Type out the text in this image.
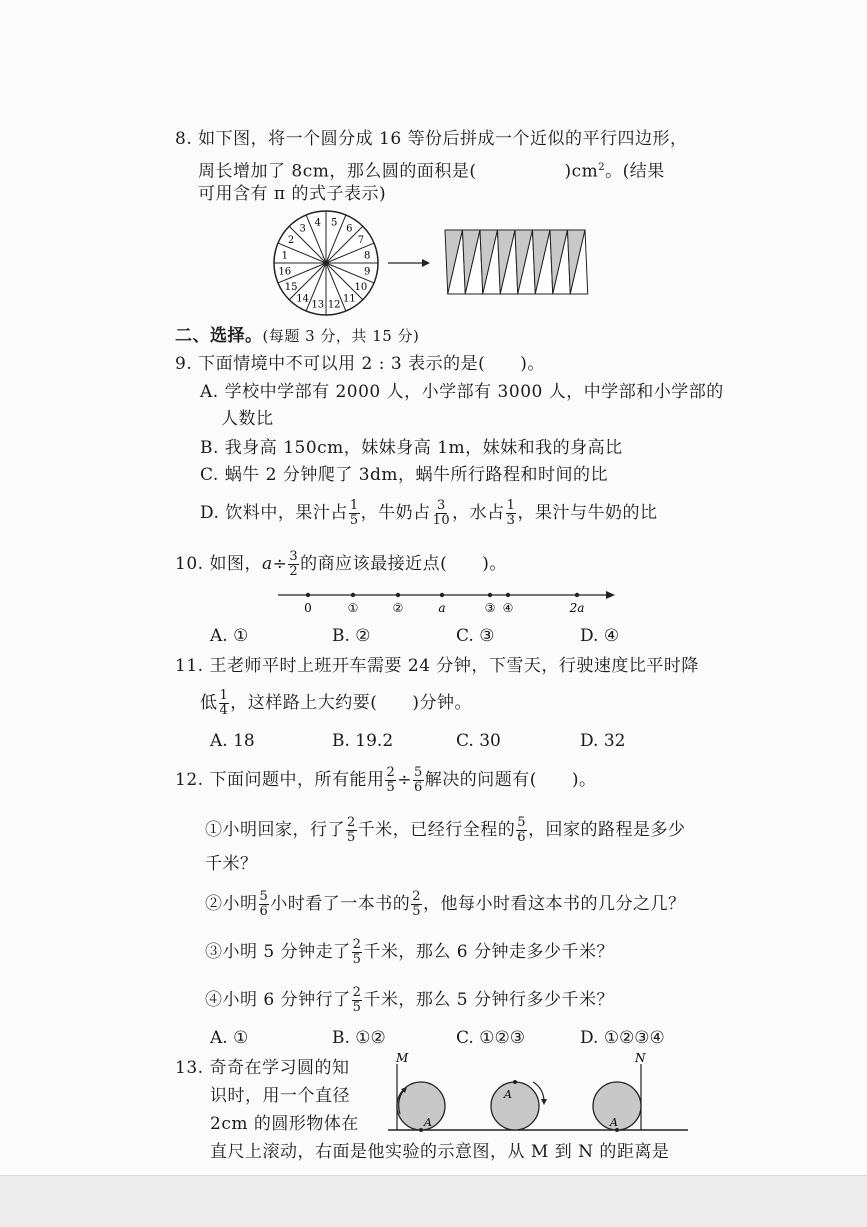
8. 如下图，将一个圆分成 16 等份后拼成一个近似的平行四边形，
周长增加了 8cm，那么圆的面积是(	)$cm^2$。(结果
可用含有 π 的式子表示)
1
2
3
4 5
6
7
8
9
10
11
12
13
14
15
16
二、选择。(每题 3 分，共 15 分)
9. 下面情境中不可以用 2 : 3 表示的是(　　)。
A. 学校中学部有 2000 人，小学部有 3000 人，中学部和小学部的
人数比
B. 我身高 150cm，妹妹身高 1m，妹妹和我的身高比
C. 蜗牛 2 分钟爬了 3dm，蜗牛所行路程和时间的比
D. 饮料中，果汁占 $\frac{1}{5}$ ，牛奶占 $\frac{3}{10}$ ，水占 $\frac{1}{3}$ ，果汁与牛奶的比
10. 如图，$a\div \frac{3}{2}$ 的商应该最接近点(　　)。
0	①	②	a	③ ④	2a
A. ①	B. ②	C. ③	D. ④
11. 王老师平时上班开车需要 24 分钟，下雪天，行驶速度比平时降
低 $\frac{1}{4}$ ，这样路上大约要(　　)分钟。
A. 18	B. 19.2	C. 30	D. 32
12. 下面问题中，所有能用 $\frac{2}{5} \div \frac{5}{6}$ 解决的问题有(　　)。
①小明回家，行了 $\frac{2}{5}$ 千米，已经行全程的 $\frac{5}{6}$ ，回家的路程是多少
千米？
②小明 $\frac{5}{6}$ 小时看了一本书的 $\frac{2}{5}$ ，他每小时看这本书的几分之几？
③小明 5 分钟走了 $\frac{2}{5}$ 千米，那么 6 分钟走多少千米？
④小明 6 分钟行了 $\frac{2}{5}$ 千米，那么 5 分钟行多少千米？
A. ①	B. ①②	C. ①②③	D. ①②③④
13. 奇奇在学习圆的知
识时，用一个直径
2cm 的圆形物体在
直尺上滚动，右面是他实验的示意图，从 M 到 N 的距离是
M	N
A
A
A
